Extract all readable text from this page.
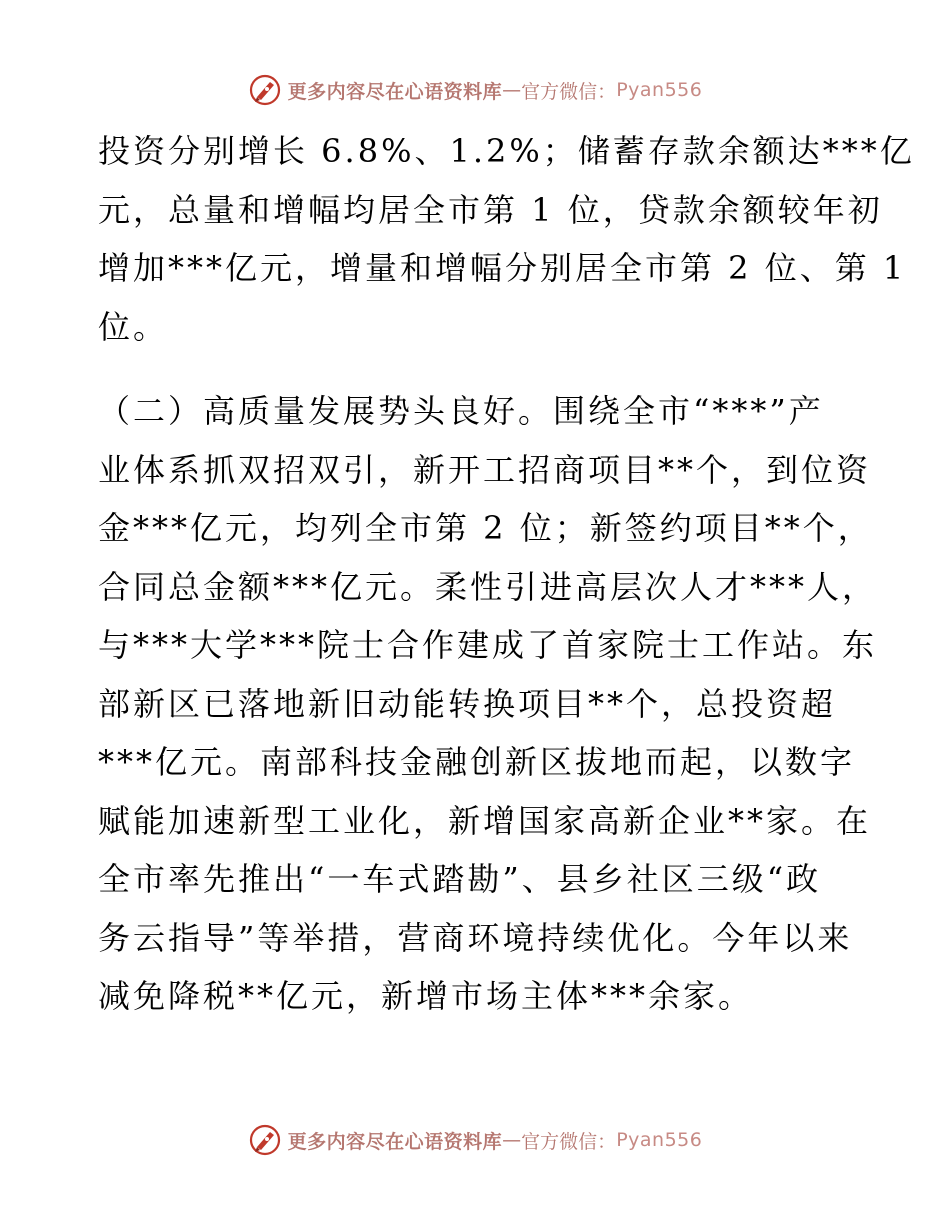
更多内容尽在心语资料库 — 官方微信： Pyan556

投资分别增长 6.8%、1.2%；储蓄存款余额达***亿
元，总量和增幅均居全市第 1 位，贷款余额较年初
增加***亿元，增量和增幅分别居全市第 2 位、第 1
位。

（二）高质量发展势头良好。围绕全市“***”产
业体系抓双招双引，新开工招商项目**个，到位资
金***亿元，均列全市第 2 位；新签约项目**个，
合同总金额***亿元。柔性引进高层次人才***人，
与***大学***院士合作建成了首家院士工作站。东
部新区已落地新旧动能转换项目**个，总投资超
***亿元。南部科技金融创新区拔地而起，以数字
赋能加速新型工业化，新增国家高新企业**家。在
全市率先推出“一车式踏勘”、县乡社区三级“政
务云指导”等举措，营商环境持续优化。今年以来
减免降税**亿元，新增市场主体***余家。

更多内容尽在心语资料库 — 官方微信： Pyan556
